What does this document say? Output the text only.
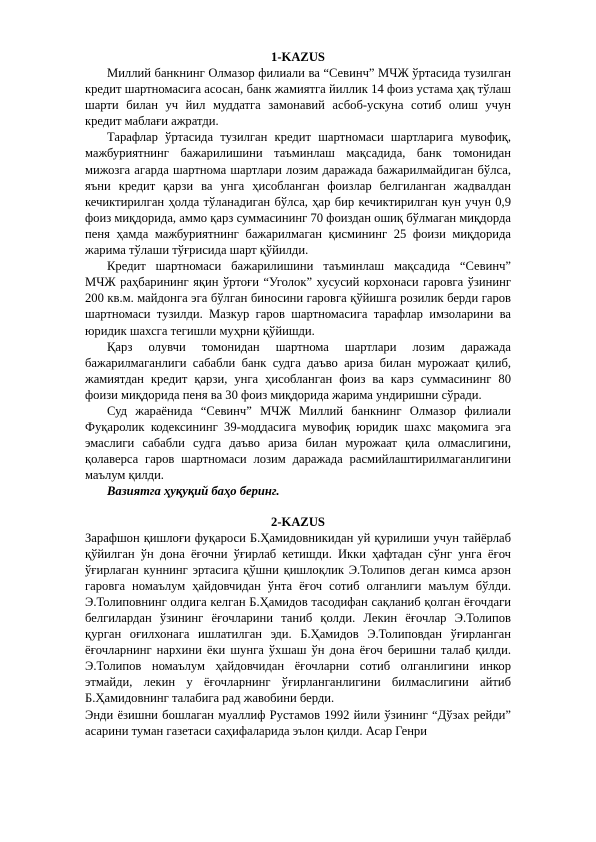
1-KAZUS

Миллий банкнинг Олмазор филиали ва “Севинч” МЧЖ ўртасида тузилган кредит шартномасига асосан, банк жамиятга йиллик 14 фоиз устама ҳақ тўлаш шарти билан уч йил муддатга замонавий асбоб-ускуна сотиб олиш учун кредит маблағи ажратди.

Тарафлар ўртасида тузилган кредит шартномаси шартларига мувофиқ, мажбуриятнинг бажарилишини таъминлаш мақсадида, банк томонидан мижозга агарда шартнома шартлари лозим даражада бажарилмайдиган бўлса, яъни кредит қарзи ва унга ҳисобланган фоизлар белгиланган жадвалдан кечиктирилган ҳолда тўланадиган бўлса, ҳар бир кечиктирилган кун учун 0,9 фоиз миқдорида, аммо қарз суммасининг 70 фоиздан ошиқ бўлмаган миқдорда пеня ҳамда мажбуриятнинг бажарилмаган қисмининг 25 фоизи миқдорида жарима тўлаши тўғрисида шарт қўйилди.

Кредит шартномаси бажарилишини таъминлаш мақсадида “Севинч” МЧЖ раҳбарининг яқин ўртоғи “Уголок” хусусий корхонаси гаровга ўзининг 200 кв.м. майдонга эга бўлган биносини гаровга қўйишга розилик берди гаров шартномаси тузилди. Мазкур гаров шартномасига тарафлар имзоларини ва юридик шахсга тегишли муҳрни қўйишди.

Қарз олувчи томонидан шартнома шартлари лозим даражада бажарилмаганлиги сабабли банк судга даъво ариза билан мурожаат қилиб, жамиятдан кредит қарзи, унга ҳисобланган фоиз ва карз суммасининг 80 фоизи миқдорида пеня ва 30 фоиз миқдорида жарима ундиришни сўради.

Суд жараёнида “Севинч” МЧЖ Миллий банкнинг Олмазор филиали Фуқаролик кодексининг 39-моддасига мувофиқ юридик шахс мақомига эга эмаслиги сабабли судга даъво ариза билан мурожаат қила олмаслигини, қолаверса гаров шартномаси лозим даражада расмийлаштирилмаганлигини маълум қилди.

Вазиятга ҳуқуқий баҳо беринг.

2-KAZUS

Зарафшон қишлоғи фуқароси Б.Ҳамидовникидан уй қурилиши учун тайёрлаб қўйилган ўн дона ёғочни ўғирлаб кетишди. Икки ҳафтадан сўнг унга ёғоч ўғирлаган куннинг эртасига қўшни қишлоқлик Э.Толипов деган кимса арзон гаровга номаълум ҳайдовчидан ўнта ёғоч сотиб олганлиги маълум бўлди. Э.Толиповнинг олдига келган Б.Ҳамидов тасодифан сақланиб қолган ёғочдаги белгилардан ўзининг ёғочларини таниб қолди. Лекин ёғочлар Э.Толипов қурган оғилхонага ишлатилган эди. Б.Ҳамидов Э.Толиповдан ўғирланган ёғочларнинг нархини ёки шунга ўхшаш ўн дона ёғоч беришни талаб қилди. Э.Толипов номаълум ҳайдовчидан ёғочларни сотиб олганлигини инкор этмайди, лекин у ёғочларнинг ўғирланганлигини билмаслигини айтиб Б.Ҳамидовнинг талабига рад жавобини берди.

Энди ёзишни бошлаган муаллиф Рустамов 1992 йили ўзининг “Дўзах рейди” асарини туман газетаси саҳифаларида эълон қилди. Асар Генри
